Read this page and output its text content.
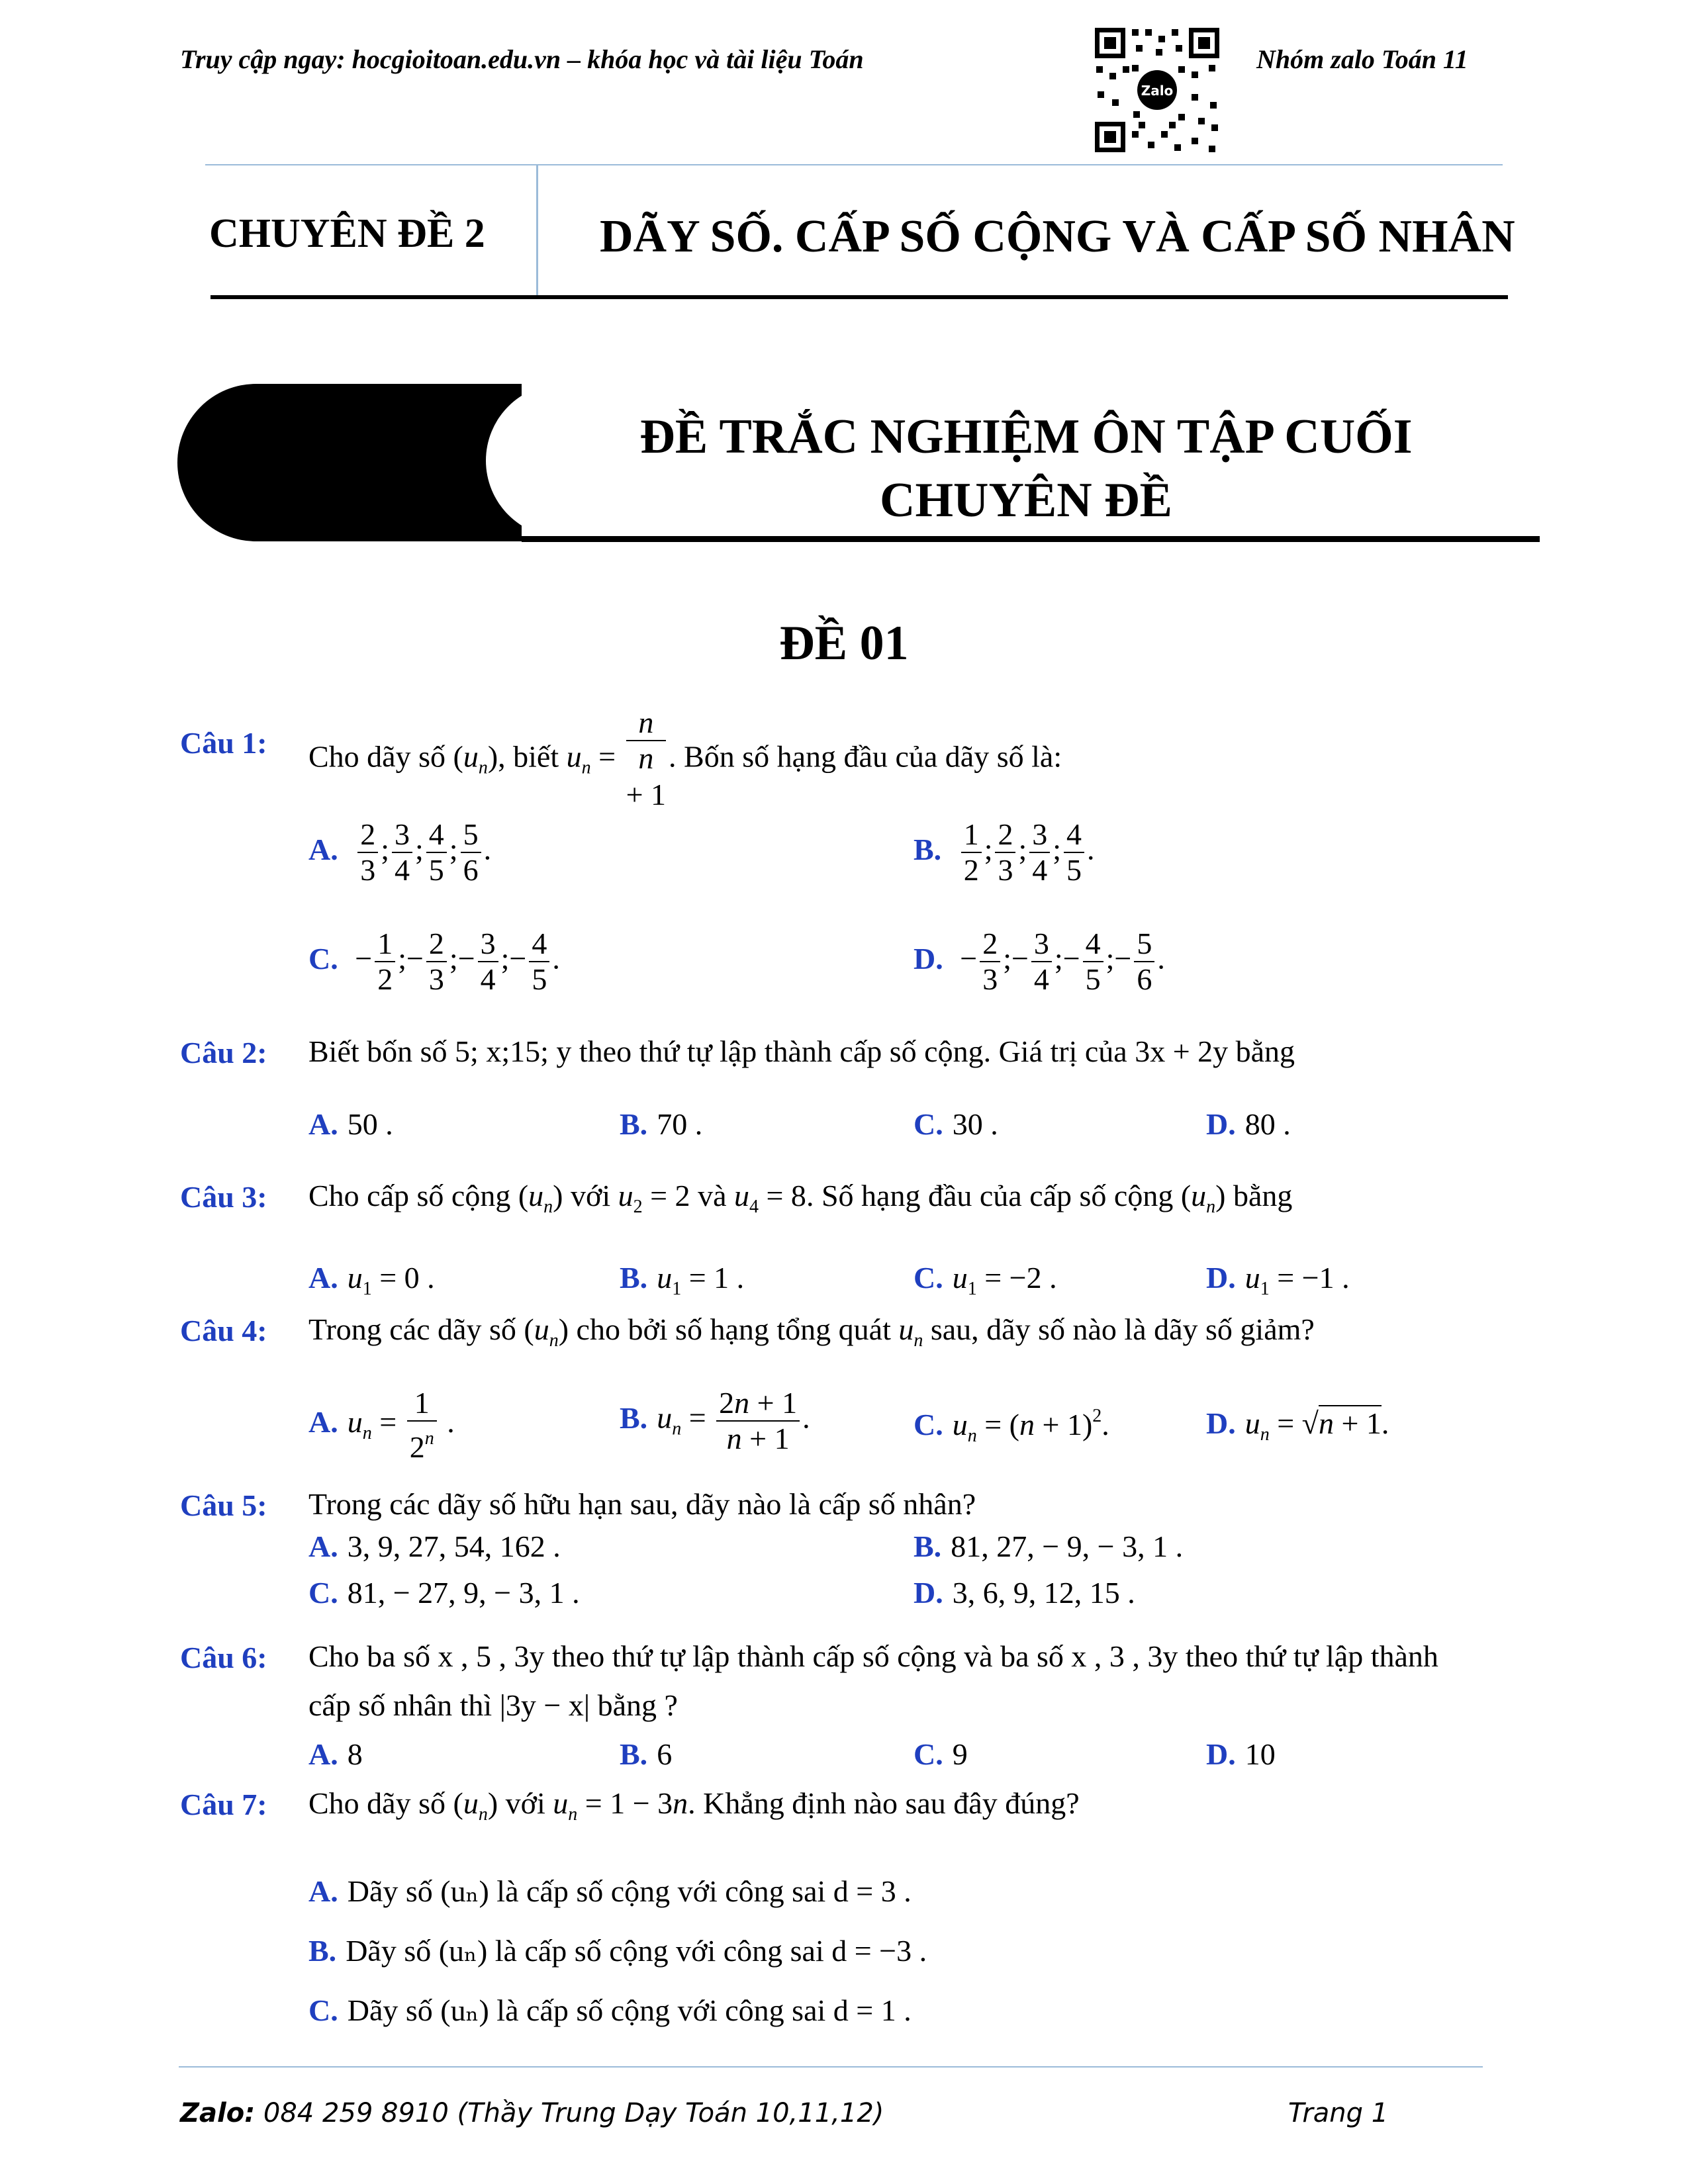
Truy cập ngay: hocgioitoan.edu.vn – khóa học và tài liệu Toán
Zalo
Nhóm zalo Toán 11
CHUYÊN ĐỀ 2 DÃY SỐ. CẤP SỐ CỘNG VÀ CẤP SỐ NHÂN
ĐỀ TRẮC NGHIỆM ÔN TẬP CUỐI
CHUYÊN ĐỀ
ĐỀ 01
Câu 1: Cho dãy số $(u_n)$, biết $u_n$ =
n
n
+ 1. Bốn số hạng đầu của dãy số là:
A. $\frac{2}{3}$ ; $\frac{3}{4}$ ; $\frac{4}{5}$ ; $\frac{5}{6}$ .	B. $\frac{1}{2}$ ; $\frac{2}{3}$ ; $\frac{3}{4}$ ; $\frac{4}{5}$ .
C. − $\frac{1}{2}$ ;− $\frac{2}{3}$ ;− $\frac{3}{4}$ ;− $\frac{4}{5}$ .	D. − $\frac{2}{3}$ ;− $\frac{3}{4}$ ;− $\frac{4}{5}$ ;− $\frac{5}{6}$ .
Câu 2: Biết bốn số 5; x;15; y theo thứ tự lập thành cấp số cộng. Giá trị của 3x + 2y bằng
A. 50 .	B. 70 .	C. 30 .	D. 80 .
Câu 3: Cho cấp số cộng $(u_n)$ với $u_2 = 2$ và $u_4 = 8$. Số hạng đầu của cấp số cộng $(u_n)$ bằng
A. $u_1 = 0$ .	B. $u_1 = 1$ .	C. $u_1 = -2$ .	D. $u_1 = -1$ .
Câu 4: Trong các dãy số $(u_n)$ cho bởi số hạng tổng quát $u_n$ sau, dãy số nào là dãy số giảm?
A. $u_n = \frac{1}{2^n}$ .	B. $u_n = \frac{2n + 1}{n + 1}$ .	C. $u_n = (n + 1)^2$.	D. $u_n = √n + 1$.
Câu 5: Trong các dãy số hữu hạn sau, dãy nào là cấp số nhân?
A. 3, 9, 27, 54, 162 .	B. 81, 27, − 9, − 3, 1 .
C. 81, − 27, 9, − 3, 1 .	D. 3, 6, 9, 12, 15 .
Câu 6: Cho ba số x , 5 , 3y theo thứ tự lập thành cấp số cộng và ba số x , 3 , 3y theo thứ tự lập thành
cấp số nhân thì |3y − x| bằng ?
A. 8	B. 6	C. 9	D. 10
Câu 7: Cho dãy số $(u_n)$ với $u_n = 1 - 3n$. Khẳng định nào sau đây đúng?
A. Dãy số (uₙ) là cấp số cộng với công sai d = 3 .
B. Dãy số (uₙ) là cấp số cộng với công sai d = −3 .
C. Dãy số (uₙ) là cấp số cộng với công sai d = 1 .
Zalo: 084 259 8910 (Thầy Trung Dạy Toán 10,11,12)	Trang 1
